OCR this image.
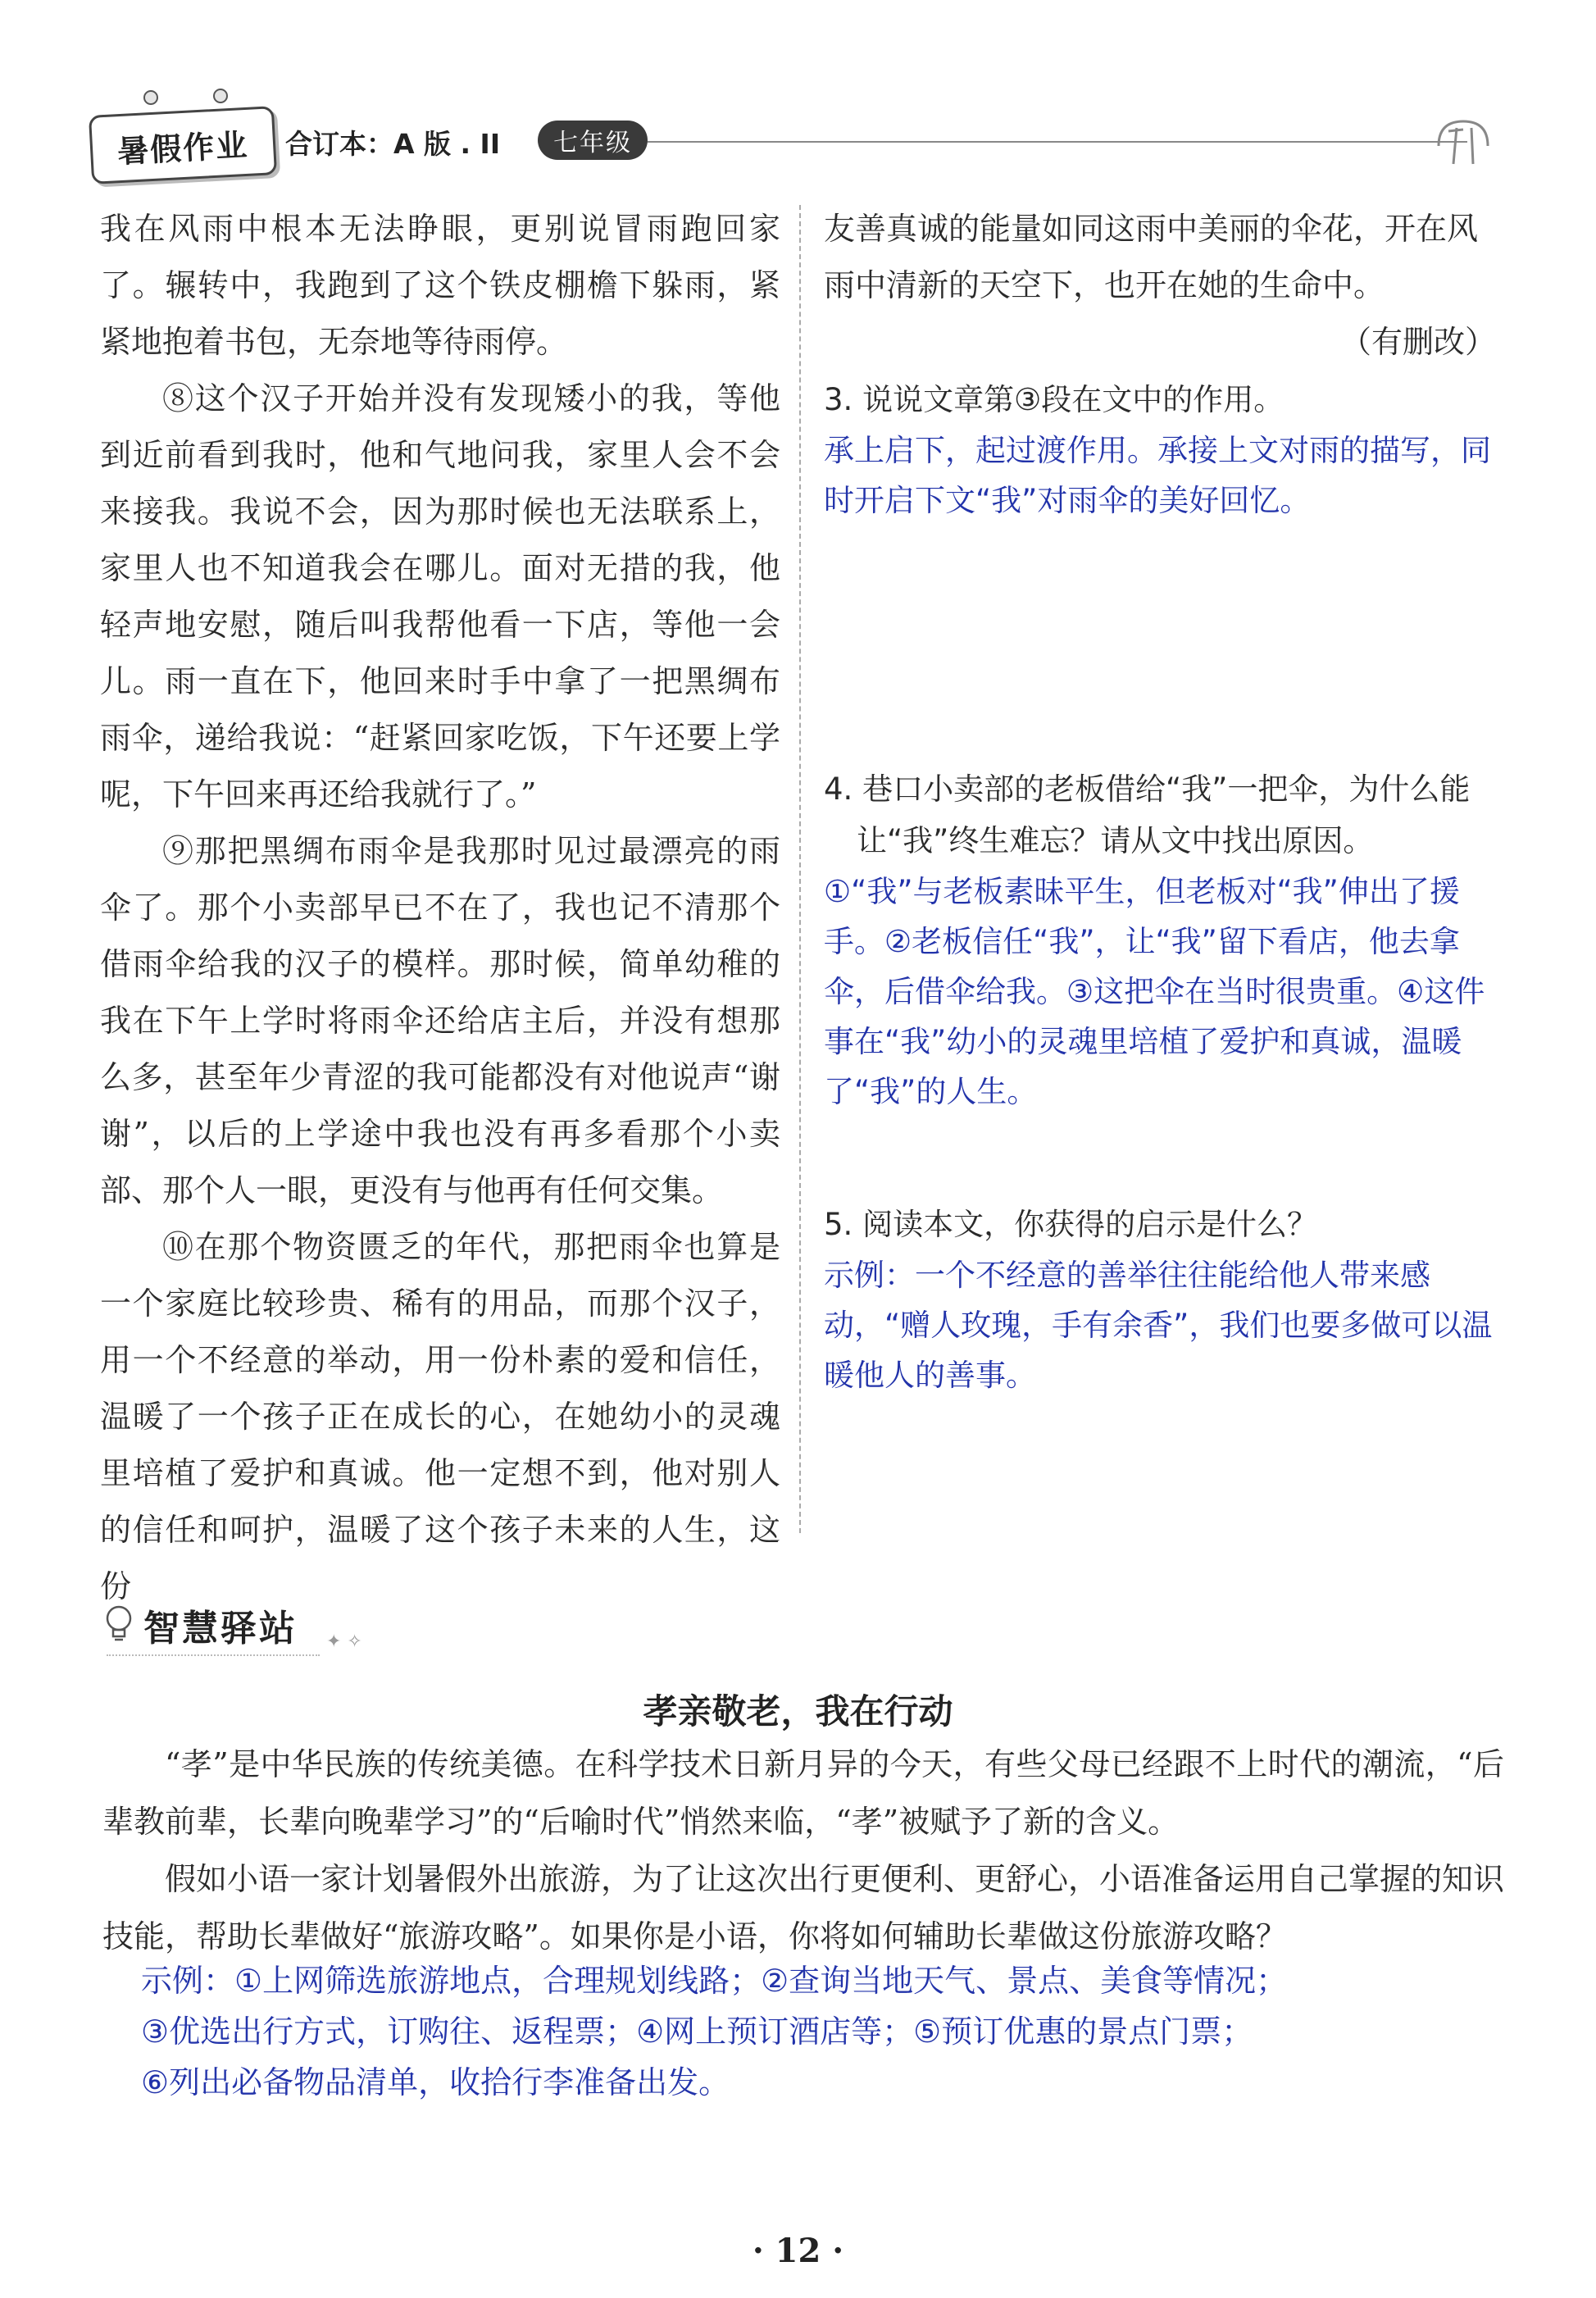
暑假作业 合订本：A 版 . II	七年级

我在风雨中根本无法睁眼，更别说冒雨跑回家了。辗转中，我跑到了这个铁皮棚檐下躲雨，紧紧地抱着书包，无奈地等待雨停。

⑧这个汉子开始并没有发现矮小的我，等他到近前看到我时，他和气地问我，家里人会不会来接我。我说不会，因为那时候也无法联系上，家里人也不知道我会在哪儿。面对无措的我，他轻声地安慰，随后叫我帮他看一下店，等他一会儿。雨一直在下，他回来时手中拿了一把黑绸布雨伞，递给我说：“赶紧回家吃饭，下午还要上学呢，下午回来再还给我就行了。”

⑨那把黑绸布雨伞是我那时见过最漂亮的雨伞了。那个小卖部早已不在了，我也记不清那个借雨伞给我的汉子的模样。那时候，简单幼稚的我在下午上学时将雨伞还给店主后，并没有想那么多，甚至年少青涩的我可能都没有对他说声“谢谢”，以后的上学途中我也没有再多看那个小卖部、那个人一眼，更没有与他再有任何交集。

⑩在那个物资匮乏的年代，那把雨伞也算是一个家庭比较珍贵、稀有的用品，而那个汉子，用一个不经意的举动，用一份朴素的爱和信任，温暖了一个孩子正在成长的心，在她幼小的灵魂里培植了爱护和真诚。他一定想不到，他对别人的信任和呵护，温暖了这个孩子未来的人生，这份

友善真诚的能量如同这雨中美丽的伞花，开在风雨中清新的天空下，也开在她的生命中。

（有删改）

3. 说说文章第③段在文中的作用。

承上启下，起过渡作用。承接上文对雨的描写，同时开启下文“我”对雨伞的美好回忆。

4. 巷口小卖部的老板借给“我”一把伞，为什么能
让“我”终生难忘？请从文中找出原因。

①“我”与老板素昧平生，但老板对“我”伸出了援手。②老板信任“我”，让“我”留下看店，他去拿伞，后借伞给我。③这把伞在当时很贵重。④这件事在“我”幼小的灵魂里培植了爱护和真诚，温暖了“我”的人生。

5. 阅读本文，你获得的启示是什么？

示例：一个不经意的善举往往能给他人带来感动，“赠人玫瑰，手有余香”，我们也要多做可以温暖他人的善事。

智慧驿站 ✦ ✧
孝亲敬老，我在行动

“孝”是中华民族的传统美德。在科学技术日新月异的今天，有些父母已经跟不上时代的潮流，“后辈教前辈，长辈向晚辈学习”的“后喻时代”悄然来临，“孝”被赋予了新的含义。

假如小语一家计划暑假外出旅游，为了让这次出行更便利、更舒心，小语准备运用自己掌握的知识技能，帮助长辈做好“旅游攻略”。如果你是小语，你将如何辅助长辈做这份旅游攻略？

示例：①上网筛选旅游地点，合理规划线路；②查询当地天气、景点、美食等情况；

③优选出行方式，订购往、返程票；④网上预订酒店等；⑤预订优惠的景点门票；

⑥列出必备物品清单，收拾行李准备出发。

· 12 ·
